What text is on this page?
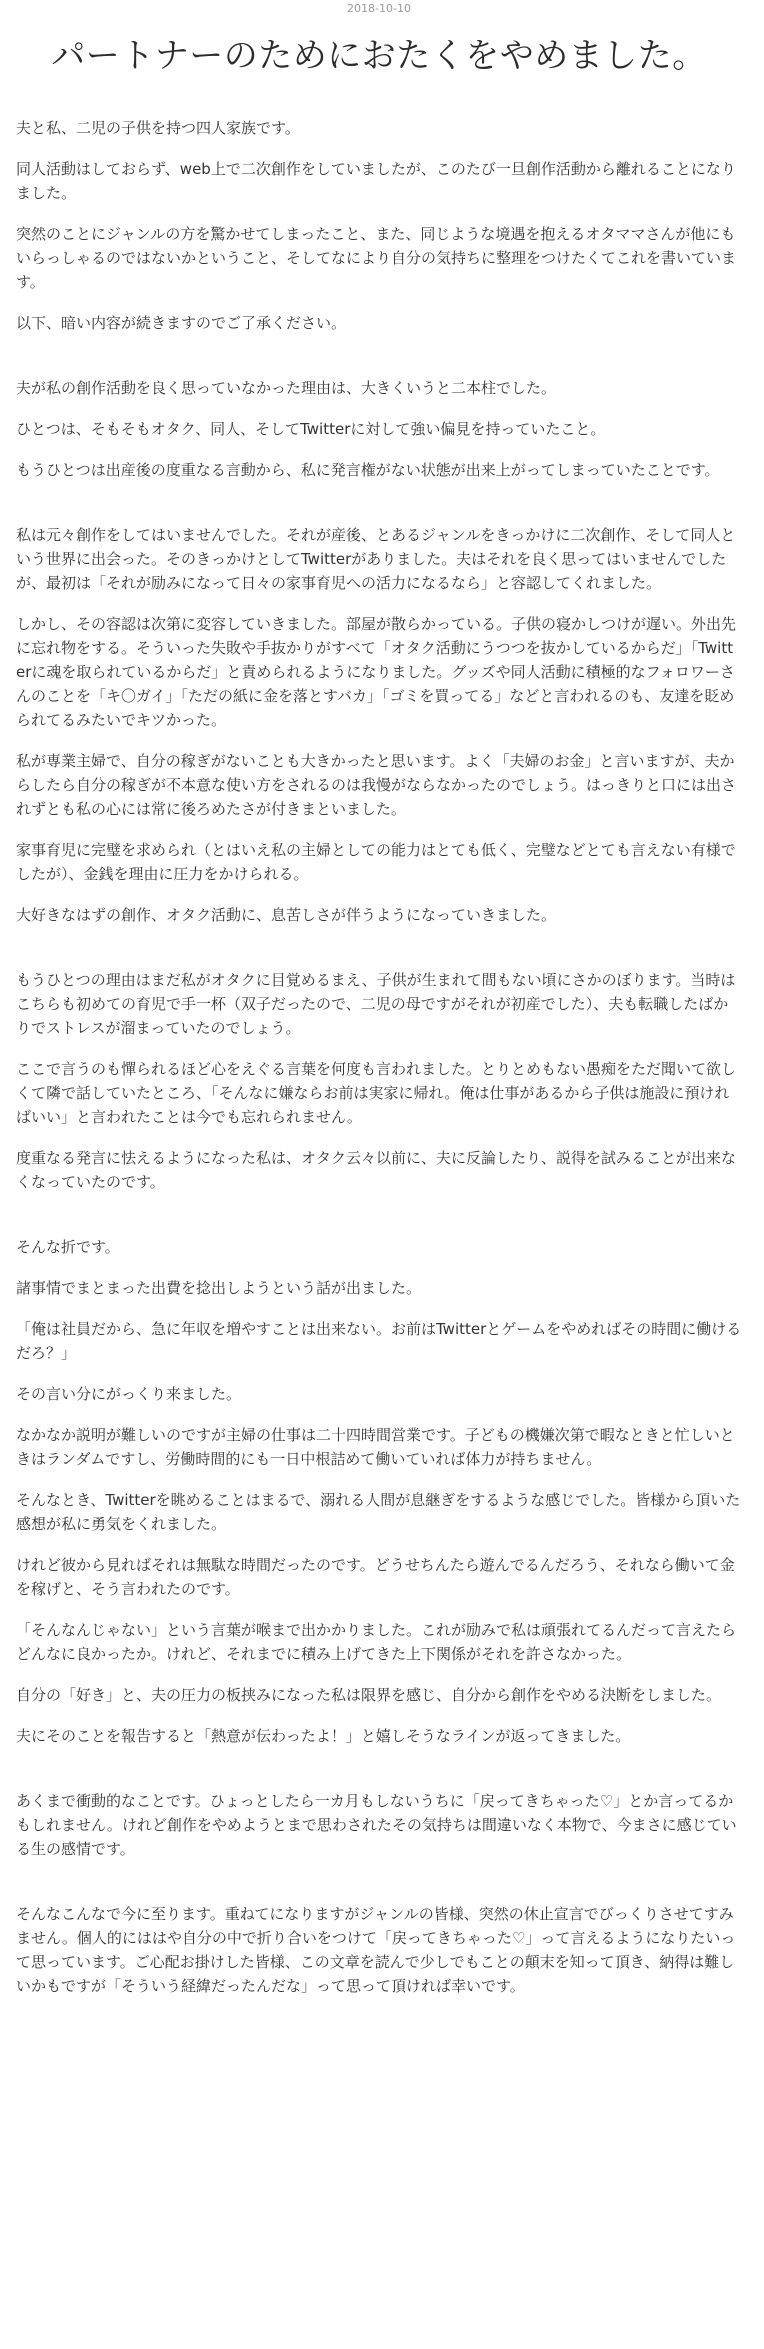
2018-10-10
パートナーのためにおたくをやめました。

夫と私、二児の子供を持つ四人家族です。

同人活動はしておらず、web上で二次創作をしていましたが、このたび一旦創作活動から離れることになりました。

突然のことにジャンルの方を驚かせてしまったこと、また、同じような境遇を抱えるオタママさんが他にもいらっしゃるのではないかということ、そしてなにより自分の気持ちに整理をつけたくてこれを書いています。

以下、暗い内容が続きますのでご了承ください。

夫が私の創作活動を良く思っていなかった理由は、大きくいうと二本柱でした。

ひとつは、そもそもオタク、同人、そしてTwitterに対して強い偏見を持っていたこと。

もうひとつは出産後の度重なる言動から、私に発言権がない状態が出来上がってしまっていたことです。

私は元々創作をしてはいませんでした。それが産後、とあるジャンルをきっかけに二次創作、そして同人という世界に出会った。そのきっかけとしてTwitterがありました。夫はそれを良く思ってはいませんでしたが、最初は「それが励みになって日々の家事育児への活力になるなら」と容認してくれました。

しかし、その容認は次第に変容していきました。部屋が散らかっている。子供の寝かしつけが遅い。外出先に忘れ物をする。そういった失敗や手抜かりがすべて「オタク活動にうつつを抜かしているからだ」「Twitterに魂を取られているからだ」と責められるようになりました。グッズや同人活動に積極的なフォロワーさんのことを「キ〇ガイ」「ただの紙に金を落とすバカ」「ゴミを買ってる」などと言われるのも、友達を貶められてるみたいでキツかった。

私が専業主婦で、自分の稼ぎがないことも大きかったと思います。よく「夫婦のお金」と言いますが、夫からしたら自分の稼ぎが不本意な使い方をされるのは我慢がならなかったのでしょう。はっきりと口には出されずとも私の心には常に後ろめたさが付きまといました。

家事育児に完璧を求められ（とはいえ私の主婦としての能力はとても低く、完璧などとても言えない有様でしたが）、金銭を理由に圧力をかけられる。

大好きなはずの創作、オタク活動に、息苦しさが伴うようになっていきました。

もうひとつの理由はまだ私がオタクに目覚めるまえ、子供が生まれて間もない頃にさかのぼります。当時はこちらも初めての育児で手一杯（双子だったので、二児の母ですがそれが初産でした）、夫も転職したばかりでストレスが溜まっていたのでしょう。

ここで言うのも憚られるほど心をえぐる言葉を何度も言われました。とりとめもない愚痴をただ聞いて欲しくて隣で話していたところ、「そんなに嫌ならお前は実家に帰れ。俺は仕事があるから子供は施設に預ければいい」と言われたことは今でも忘れられません。

度重なる発言に怯えるようになった私は、オタク云々以前に、夫に反論したり、説得を試みることが出来なくなっていたのです。

そんな折です。

諸事情でまとまった出費を捻出しようという話が出ました。

「俺は社員だから、急に年収を増やすことは出来ない。お前はTwitterとゲームをやめればその時間に働けるだろ？」

その言い分にがっくり来ました。

なかなか説明が難しいのですが主婦の仕事は二十四時間営業です。子どもの機嫌次第で暇なときと忙しいときはランダムですし、労働時間的にも一日中根詰めて働いていれば体力が持ちません。

そんなとき、Twitterを眺めることはまるで、溺れる人間が息継ぎをするような感じでした。皆様から頂いた感想が私に勇気をくれました。

けれど彼から見ればそれは無駄な時間だったのです。どうせちんたら遊んでるんだろう、それなら働いて金を稼げと、そう言われたのです。

「そんなんじゃない」という言葉が喉まで出かかりました。これが励みで私は頑張れてるんだって言えたらどんなに良かったか。けれど、それまでに積み上げてきた上下関係がそれを許さなかった。

自分の「好き」と、夫の圧力の板挟みになった私は限界を感じ、自分から創作をやめる決断をしました。

夫にそのことを報告すると「熱意が伝わったよ！」と嬉しそうなラインが返ってきました。

あくまで衝動的なことです。ひょっとしたら一カ月もしないうちに「戻ってきちゃった♡」とか言ってるかもしれません。けれど創作をやめようとまで思わされたその気持ちは間違いなく本物で、今まさに感じている生の感情です。

そんなこんなで今に至ります。重ねてになりますがジャンルの皆様、突然の休止宣言でびっくりさせてすみません。個人的にははや自分の中で折り合いをつけて「戻ってきちゃった♡」って言えるようになりたいって思っています。ご心配お掛けした皆様、この文章を読んで少しでもことの顛末を知って頂き、納得は難しいかもですが「そういう経緯だったんだな」って思って頂ければ幸いです。
